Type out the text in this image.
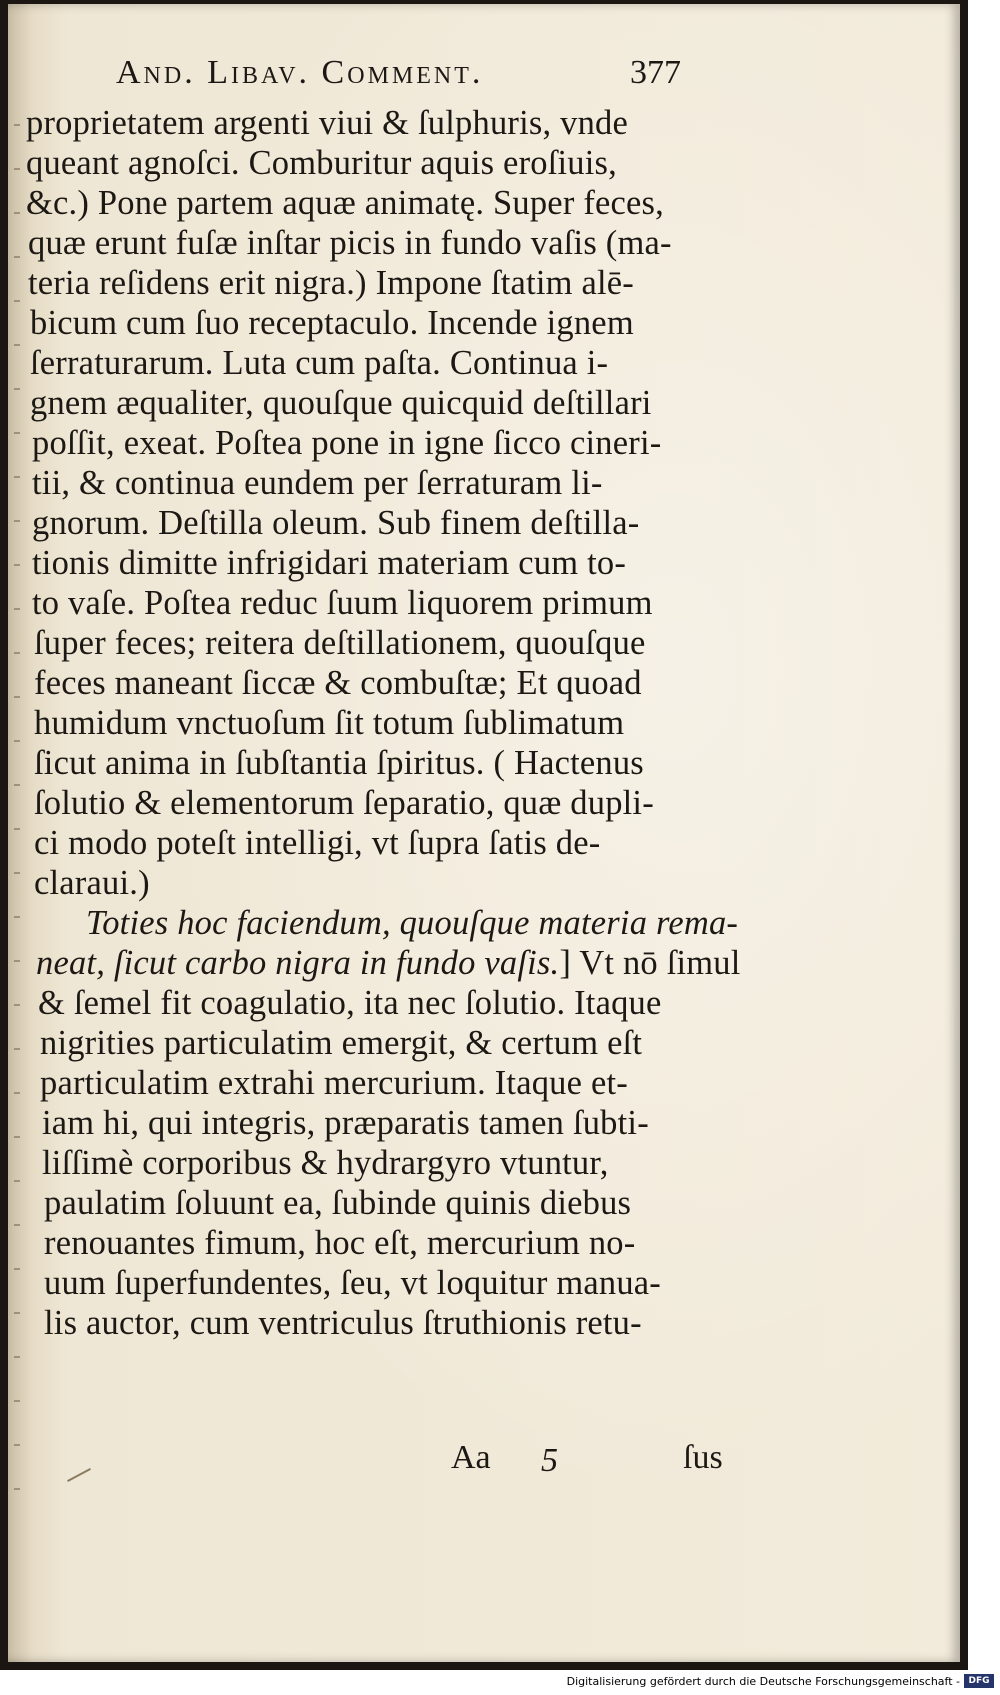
And. Libav. Comment.	377
proprietatem argenti viui & ſulphuris, vnde
queant agnoſci. Comburitur aquis eroſiuis,
&c.) Pone partem aquæ animatę. Super feces,
quæ erunt fuſæ inſtar picis in fundo vaſis (ma-
teria reſidens erit nigra.) Impone ſtatim alē-
bicum cum ſuo receptaculo. Incende ignem
ſerraturarum. Luta cum paſta. Continua i-
gnem æqualiter, quouſque quicquid deſtillari
poſſit, exeat. Poſtea pone in igne ſicco cineri-
tii, & continua eundem per ſerraturam li-
gnorum. Deſtilla oleum. Sub finem deſtilla-
tionis dimitte infrigidari materiam cum to-
to vaſe. Poſtea reduc ſuum liquorem primum
ſuper feces; reitera deſtillationem, quouſque
feces maneant ſiccæ & combuſtæ; Et quoad
humidum vnctuoſum ſit totum ſublimatum
ſicut anima in ſubſtantia ſpiritus. ( Hactenus
ſolutio & elementorum ſeparatio, quæ dupli-
ci modo poteſt intelligi, vt ſupra ſatis de-
claraui.)
Toties hoc faciendum, quouſque materia rema-
neat, ſicut carbo nigra in fundo vaſis.] Vt nō ſimul
& ſemel fit coagulatio, ita nec ſolutio. Itaque
nigrities particulatim emergit, & certum eſt
particulatim extrahi mercurium. Itaque et-
iam hi, qui integris, præparatis tamen ſubti-
liſſimè corporibus & hydrargyro vtuntur,
paulatim ſoluunt ea, ſubinde quinis diebus
renouantes fimum, hoc eſt, mercurium no-
uum ſuperfundentes, ſeu, vt loquitur manua-
lis auctor, cum ventriculus ſtruthionis retu-
Aa 5	ſus
Digitalisierung gefördert durch die Deutsche Forschungsgemeinschaft - DFG
